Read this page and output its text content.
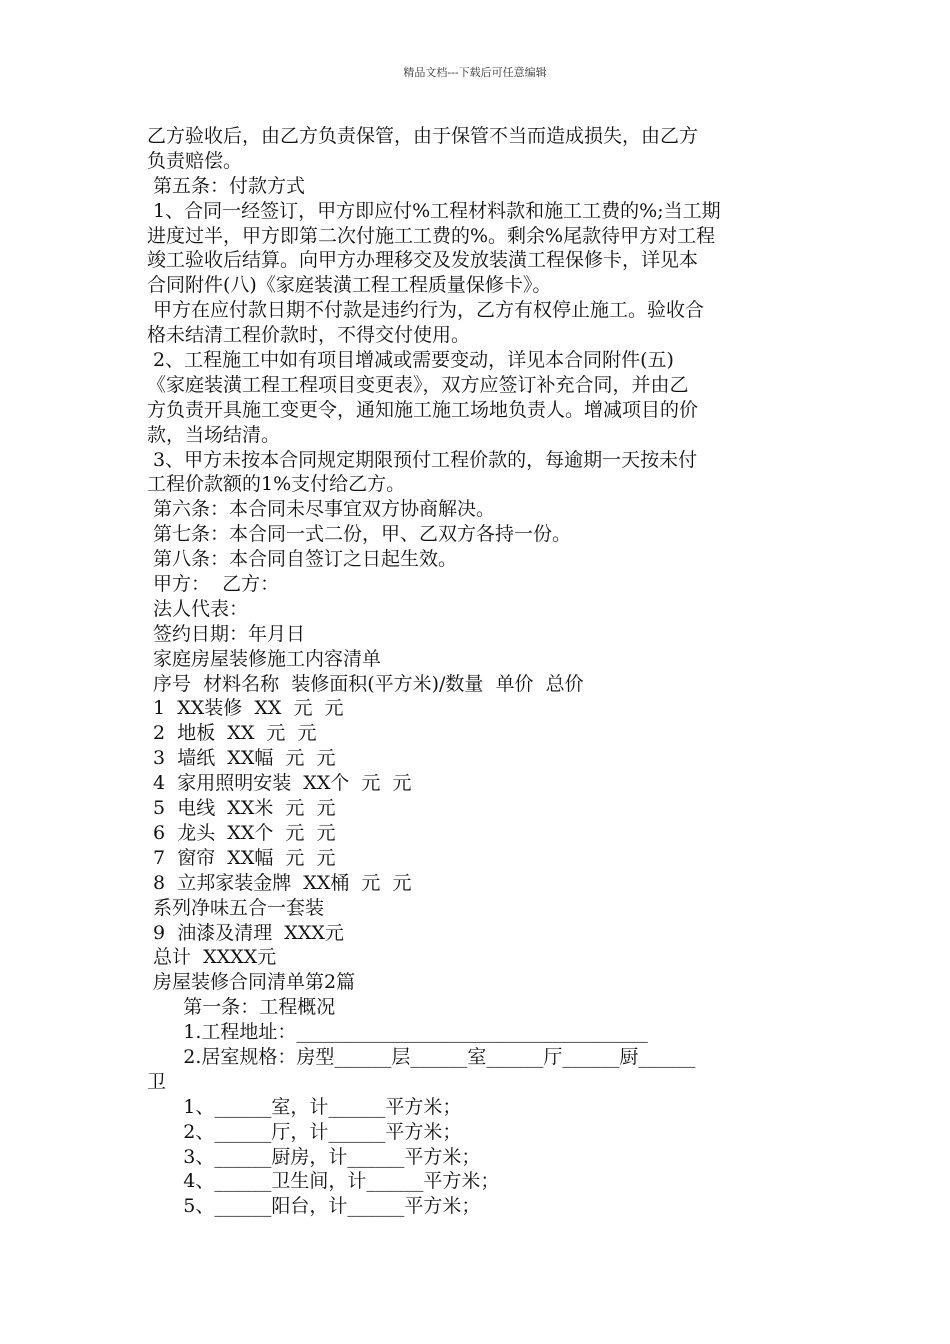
精品文档---下载后可任意编辑
乙方验收后，由乙方负责保管，由于保管不当而造成损失，由乙方
负责赔偿。
第五条：付款方式
1、合同一经签订，甲方即应付%工程材料款和施工工费的%;当工期
进度过半，甲方即第二次付施工工费的%。剩余%尾款待甲方对工程
竣工验收后结算。向甲方办理移交及发放装潢工程保修卡，详见本
合同附件(八)《家庭装潢工程工程质量保修卡》。
甲方在应付款日期不付款是违约行为，乙方有权停止施工。验收合
格未结清工程价款时，不得交付使用。
2、工程施工中如有项目增减或需要变动，详见本合同附件(五)
《家庭装潢工程工程项目变更表》，双方应签订补充合同，并由乙
方负责开具施工变更令，通知施工施工场地负责人。增减项目的价
款，当场结清。
3、甲方未按本合同规定期限预付工程价款的，每逾期一天按未付
工程价款额的1%支付给乙方。
第六条：本合同未尽事宜双方协商解决。
第七条：本合同一式二份，甲、乙双方各持一份。
第八条：本合同自签订之日起生效。
甲方：  乙方：
法人代表：
签约日期：年月日
家庭房屋装修施工内容清单
序号  材料名称  装修面积(平方米)/数量  单价  总价
1  XX装修  XX  元  元
2  地板  XX  元  元
3  墙纸  XX幅  元  元
4  家用照明安装  XX个  元  元
5  电线  XX米  元  元
6  龙头  XX个  元  元
7  窗帘  XX幅  元  元
8  立邦家装金牌  XX桶  元  元
系列净味五合一套装
9  油漆及清理  XXX元
总计  XXXX元
房屋装修合同清单第2篇
第一条：工程概况
1.工程地址：_____________________________________
2.居室规格：房型______层______室______厅______厨______
卫
1、______室，计______平方米；
2、______厅，计______平方米；
3、______厨房，计______平方米；
4、______卫生间，计______平方米；
5、______阳台，计______平方米；
